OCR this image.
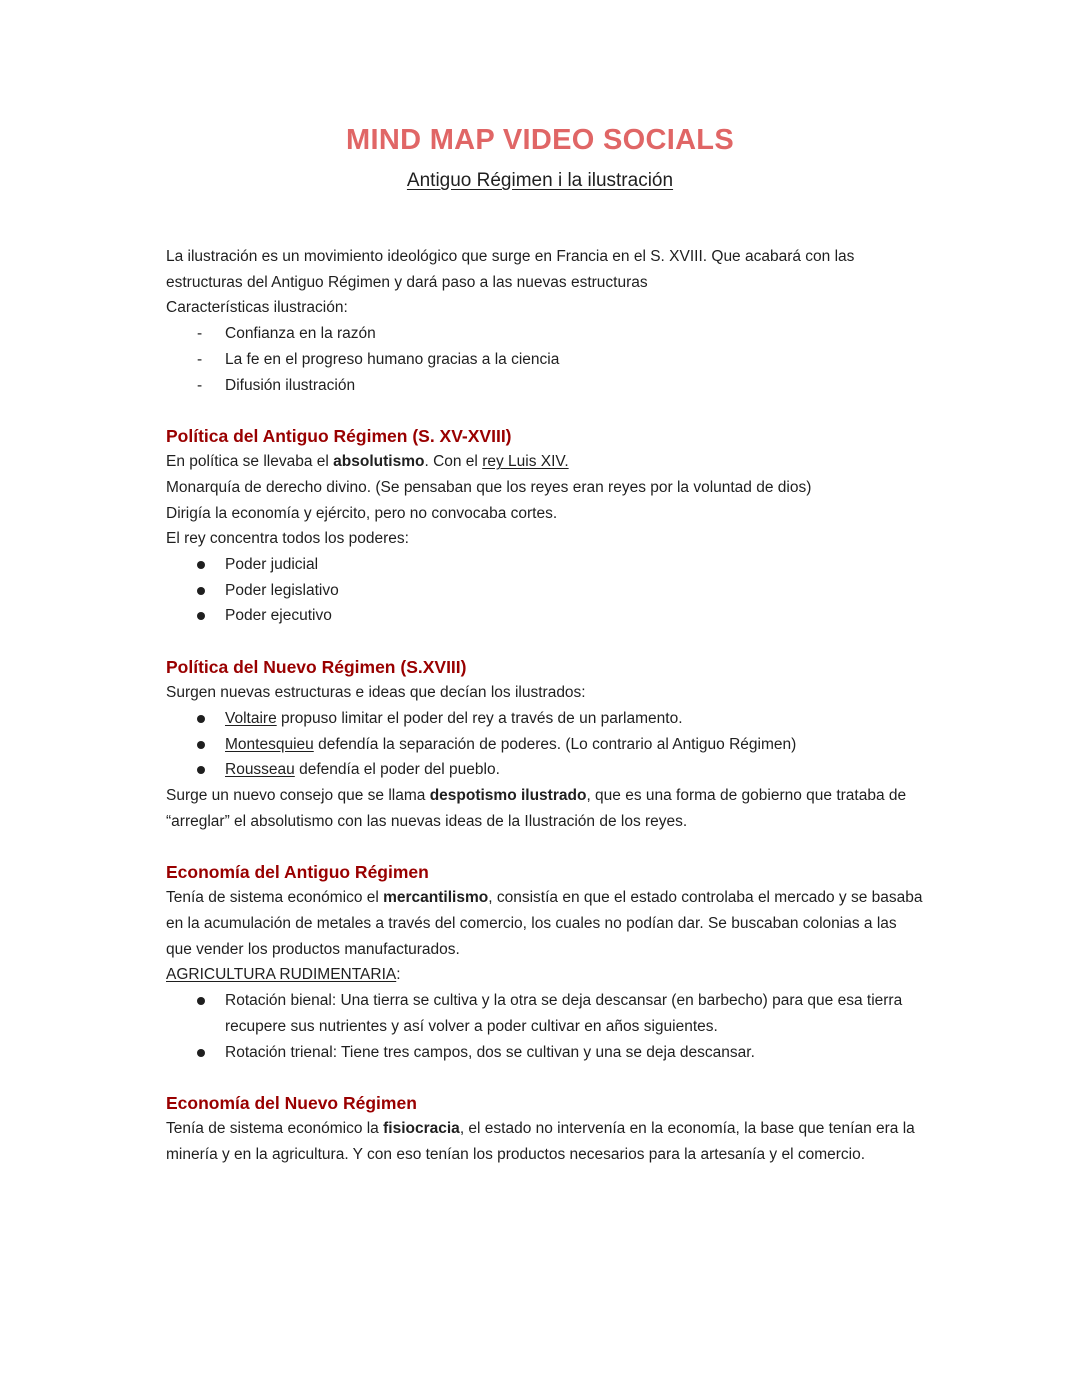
MIND MAP VIDEO SOCIALS
Antiguo Régimen i la ilustración

La ilustración es un movimiento ideológico que surge en Francia en el S. XVIII. Que acabará con las estructuras del Antiguo Régimen y dará paso a las nuevas estructuras

Características ilustración:

- Confianza en la razón
- La fe en el progreso humano gracias a la ciencia
- Difusión ilustración
Política del Antiguo Régimen (S. XV-XVIII)

En política se llevaba el absolutismo. Con el rey Luis XIV.

Monarquía de derecho divino. (Se pensaban que los reyes eran reyes por la voluntad de dios)

Dirigía la economía y ejército, pero no convocaba cortes.

El rey concentra todos los poderes:

Poder judicial
Poder legislativo
Poder ejecutivo
Política del Nuevo Régimen (S.XVIII)

Surgen nuevas estructuras e ideas que decían los ilustrados:

Voltaire propuso limitar el poder del rey a través de un parlamento.
Montesquieu defendía la separación de poderes. (Lo contrario al Antiguo Régimen)
Rousseau defendía el poder del pueblo.

Surge un nuevo consejo que se llama despotismo ilustrado, que es una forma de gobierno que trataba de “arreglar” el absolutismo con las nuevas ideas de la Ilustración de los reyes.

Economía del Antiguo Régimen

Tenía de sistema económico el mercantilismo, consistía en que el estado controlaba el mercado y se basaba en la acumulación de metales a través del comercio, los cuales no podían dar. Se buscaban colonias a las que vender los productos manufacturados.

AGRICULTURA RUDIMENTARIA:

Rotación bienal: Una tierra se cultiva y la otra se deja descansar (en barbecho) para que esa tierra recupere sus nutrientes y así volver a poder cultivar en años siguientes.
Rotación trienal: Tiene tres campos, dos se cultivan y una se deja descansar.
Economía del Nuevo Régimen

Tenía de sistema económico la fisiocracia, el estado no intervenía en la economía, la base que tenían era la minería y en la agricultura. Y con eso tenían los productos necesarios para la artesanía y el comercio.
